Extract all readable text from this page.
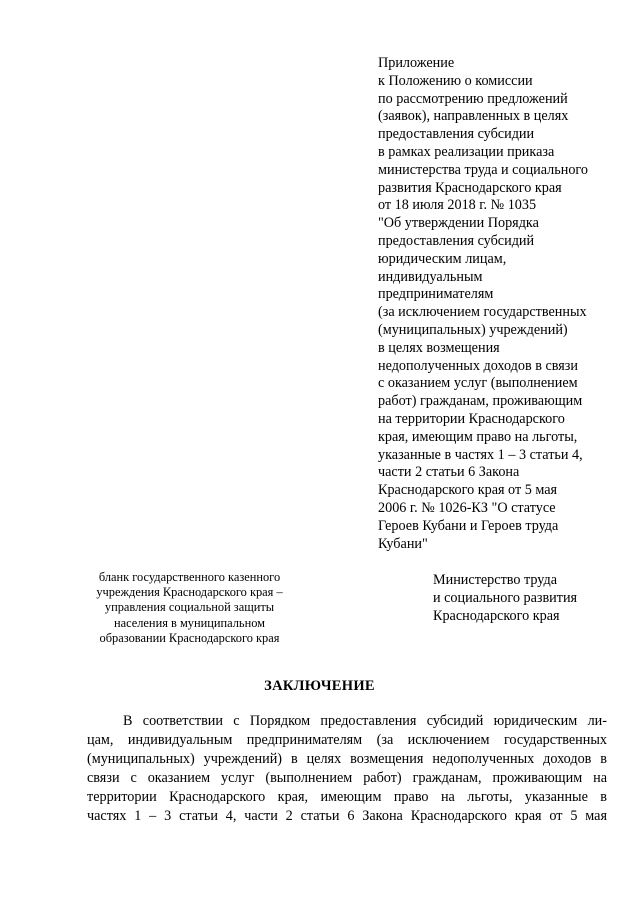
Приложение
к Положению о комиссии
по рассмотрению предложений
(заявок), направленных в целях
предоставления субсидии
в рамках реализации приказа
министерства труда и социального
развития Краснодарского края
от 18 июля 2018 г. № 1035
"Об утверждении Порядка
предоставления субсидий
юридическим лицам,
индивидуальным
предпринимателям
(за исключением государственных
(муниципальных) учреждений)
в целях возмещения
недополученных доходов в связи
с оказанием услуг (выполнением
работ) гражданам, проживающим
на территории Краснодарского
края, имеющим право на льготы,
указанные в частях 1 – 3 статьи 4,
части 2 статьи 6 Закона
Краснодарского края от 5 мая
2006 г. № 1026-КЗ "О статусе
Героев Кубани и Героев труда
Кубани"
бланк государственного казенного
учреждения Краснодарского края –
управления социальной защиты
населения в муниципальном
образовании Краснодарского края
Министерство труда
и социального развития
Краснодарского края
ЗАКЛЮЧЕНИЕ
В соответствии с Порядком предоставления субсидий юридическим ли-
цам, индивидуальным предпринимателям (за исключением государственных
(муниципальных) учреждений) в целях возмещения недополученных доходов в
связи с оказанием услуг (выполнением работ) гражданам, проживающим на
территории Краснодарского края, имеющим право на льготы, указанные в
частях 1 – 3 статьи 4, части 2 статьи 6 Закона Краснодарского края от 5 мая
